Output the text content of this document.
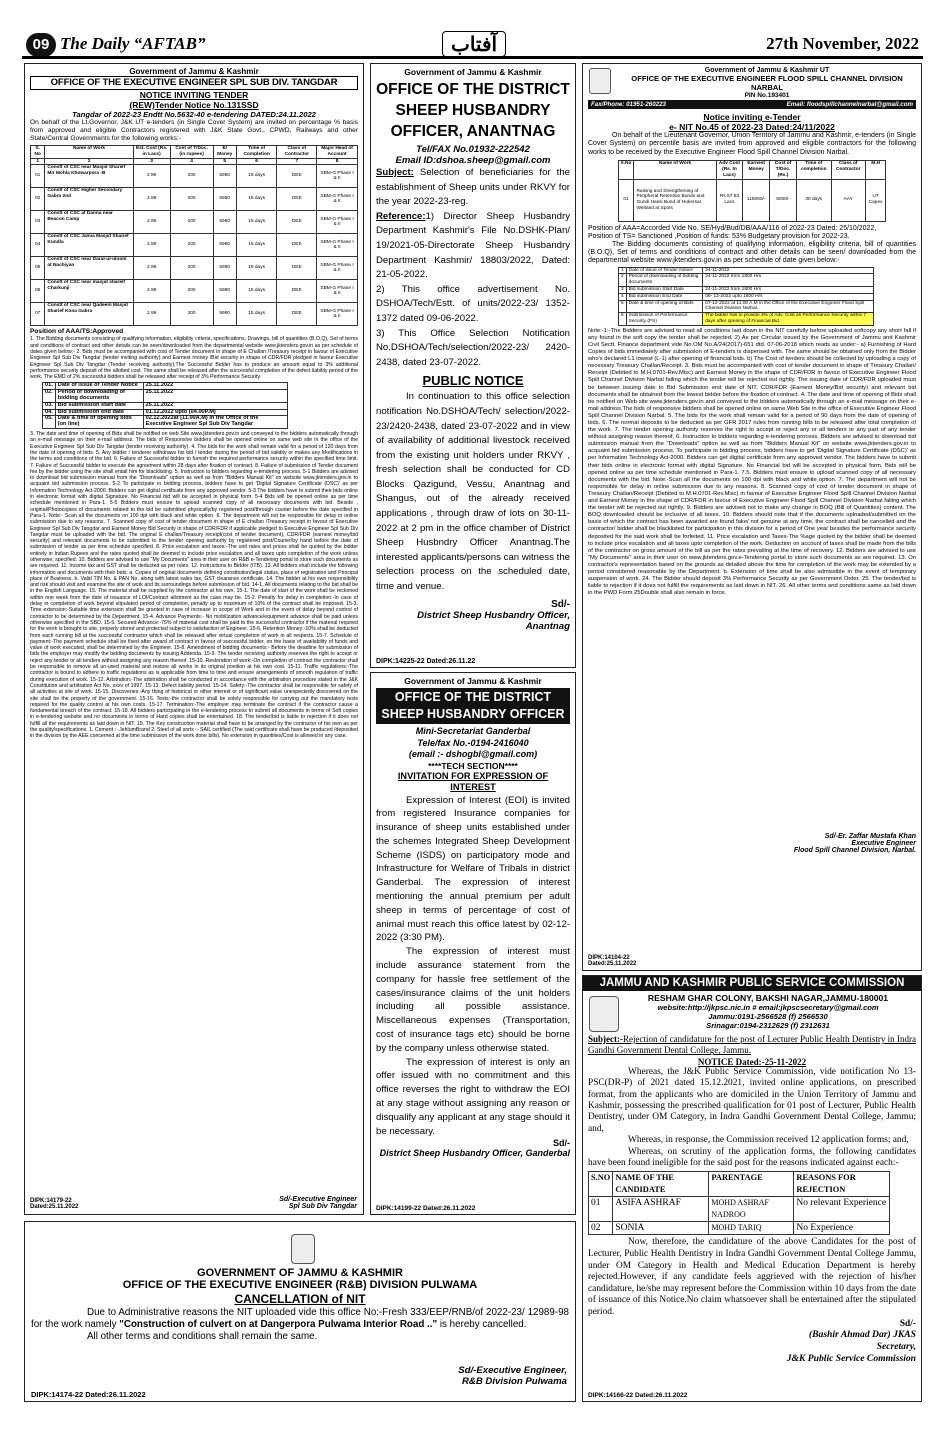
09 The Daily “AFTAB”	آفتاب	27th November, 2022
Government of Jammu & Kashmir
OFFICE OF THE EXECUTIVE ENGINEER SPL SUB DIV. TANGDAR
NOTICE INVITING TENDER
(REW)Tender Notice No.131SSD
Tangdar of 2022-23 Endtt No.5632-40 e-tendering DATED:24.11.2022
On behalf of the Lt.Governor, J&K UT e-tenders (in Single Cover System) are invited on percentage % basis from approved and eligible Contractors registered with J&K State Govt., CPWD, Railways and other State/Central Governments for the following works:-
S. No	Name of Work	Est. Cost (Rs. in Lacs)	Cost of T/Doc. (in rupees)	E/ Money	Time of Completion	Class of Contractor	Major Head of Account
1	2	3	4	5	6	7	8
01	Constt of CSC near Masjid Sharief Mir Mohla Khowarpora -B	2.99	200	5980	15 days	DEE	SBM-G Phase I & II
02	Constt of CSC Higher Secondary Gabra 2nd	2.99	200	5980	15 days	DEE	SBM-G Phase I & II
03	Constt of CSC at Danna near Beacon Camp	2.99	200	5980	15 days	DEE	SBM-G Phase I & II
04	Constt of CSC Jamia Masjid Sharief Kundla	2.99	200	5980	15 days	DEE	SBM-G Phase I & II
05	Constt of CSC near Daral-ul-uloom at Nachiyan	2.99	200	5980	15 days	DEE	SBM-G Phase I & II
06	Constt of CSC near masjid shareif Charkunji	2.99	200	5980	15 days	DEE	SBM-G Phase I & II
07	Constt of CSC near Qadeem Masjid Sharief Kona Gabra	2.99	200	5980	15 days	DEE	SBM-G Phase I & II
Position of AAA/TS:Approved
1. The Bidding documents consisting of qualifying information, eligibility criteria, specifications, Drawings, bill of quantities (B.O.Q), Set of terms and conditions of contract and other details can be seen/downloaded from the departmental website www.jktenders.gov.in as per schedule of dates given below:- 2. Bids must be accompanied with cost of Tender document in shape of E Challan /Treasury receipt in favour of Executive Engineer Spl Sub Div Tangdar (tender inviting authority) and Earnest money /Bid security in shape of CDR/FDR pledged in favour Executive Engineer Spl Sub Div Tangdar (Tender receiving authority).The Successful Bidder has to produce an amount equal to 3% additional performance security deposit of the allotted cost. The same shall be released after the successful completion of the defect liability period of the work. The EMD of 2% successful bidders shall be released after receipt of 3% Performance Security.
01.	Date of issue of Tender Notice	25.11.2022
02.	Period of downloading of bidding documents	25.11.2022
03.	Bid submission start date	25.11.2022
04.	Bid submission end date	01.12.2022 upto (04.00P.M)
05.	Date & time of opening bids (on line)	02.12.2022at (11.00A.M) in the Office of the Executive Engineer Spl Sub Div Tangdar
3. The date and time of opening of Bids shall be notified on web Site www.jktenders.gov.in and conveyed to the bidders automatically through an e-mail message on their e-mail address. The bids of Responsive bidders shall be opened online on same web site in the office of the Executive Engineer Spl Sub Div Tangdar (tender receiving authority). 4. The bids for the work shall remain valid for a period of 120 days from the date of opening of bids. 5. Any bidder / tenderer withdraws his bid / tender during the period of bid validity or makes any Modifications in the terms and conditions of the bid. 6. Failure of Successful bidder to furnish the required performance security within the specified time limit. 7. Failure of Successful bidder to execute the agreement within 28 days after fixation of contract. 8. Failure of submission of Tender document fee by the bidder using the site shall entail him for blacklisting. 5. Instruction to bidders regarding e-tendering process. 5-1 Bidders are advised to download bid submission manual from the "Downloads" option as well as from "Bidders Manual Kit" on website www.jktenders.gov.in to acquaint bid submission process. 5-2 To participate in bidding process, bidders have to get 'Digital Signature Certificate (DSC)' as per Information Technology Act-2000. Bidders can get digital certificate from any approved vendor. 5-3 The bidders have to submit their bids online in electronic format with digital Signature. No Financial bid will be accepted in physical form. 5-4 Bids will be opened online as per time schedule mentioned in Para-1. 5-5 Bidders must ensure to upload scanned copy of all necessary documents with bid. Beside , original/Photocopies of documents related to the bid be submitted physically/by registered post/through courier before the date specified in Para-1. Note:- Scan all the documents on 100 dpi with black and white option. 6. The department will not be responsible for delay in online submission due to any reasons. 7. Scanned copy of cost of tender document in shape of E challan /Treasury receipt in favour of Executive Engineer Spl Sub Div Tangdar and Earnest Money Bid Security in shape of CDR/FDR if applicable pledged to Executive Engineer Spl Sub Div Tangdar must be uploaded with the bid. The original E challan/Treasury receipt(cost of tender document), CDR/FDR (earnest money/bid security) and relevant documents to be submitted to the tender opening authority by registered post/Courier/by hand before the date of submission of tender as per time schedule specified. 8. Price escalation and taxes:-The unit rates and prices shall be quoted by the bidder entirely in Indian Rupees and the rates quoted shall be deemed to include price escalation and all taxes upto completion of the work unless otherwise, specified. 10. Bidders are advised to use "My Documents" area in their user on R&B e-Tendering portal to store such documents as are required. 11. Income tax and GST shall be deducted as per rules. 12. Instructions to Bidder (ITB). 13. All bidders shall include the following information and documents with their bids: a. Copies of original documents defining constitution/legal status, place of registration and Principal place of Business. b. Valid TIN No. & PAN No. along with latest sales tax, GST clearance certificate. 14. The bidder at his own responsibility and risk should visit and examine the site of work and its surroundings before submission of bid. 14-1. All documents relating to the bid shall be in the English Language. 15. The material shall be supplied by the contractor at his own. 15-1. The date of start of the work shall be reckoned within one week from the date of issuance of LOI/Contract allotment as the case may be. 15-2. Penalty for delay in completion:-In case of delay in completion of work beyond stipulated period of completion, penalty up to maximum of 10% of the contract shall be imposed. 15-3. Time extension:-Suitable time extension shall be granted in case of increase in scope of Work and in the event of delay beyond control of contractor to be determined by the Department. 15-4. Advance Payments:- No mobilization advance/equipment advance shall be paid unless otherwise specified in the SBD. 15-5. Secured Advance:-75% of material cost shall be paid to the successful contractor if the material required for the work is brought to site, properly stored and protected subject to satisfaction of Engineer. 15-6. Retention Money:-10% shall be deducted from each running bill at the successful contractor which shall be released after virtual completion of work in all respects. 15-7. Schedule of payment:-The payment schedule shall be fixed after award of contract in favour of successful bidder, on the basis of availability of funds and value of work executed, shall be determined by the Engineer. 15-8. Amendment of bidding documents:- Before the deadline for submission of bids the employer may modify the bidding documents by issuing Addenda. 15-9. The tender receiving authority reserves the right to accept or reject any tender or all tenders without assigning any reason thereof. 15-10. Restoration of work:-On completion of contract the contractor shall be responsible to remove all un-used material and restore all works in its original position at his own cost. 15-11. Traffic regulations:-The contractor is bound to adhere to traffic regulations as is applicable from time to time and ensure arrangements of smooth regulation of traffic during execution of work. 15-12. Arbitration:-The arbitration shall be conducted in accordance with the arbitration procedure stated in the J&K Constitution and arbitration Act No. xxxv of 1997. 15-13. Defect liability period. 15-14. Safety:-The contractor shall be responsible for safety of all activities at site of work. 15-15. Discoveries:-Any thing of historical or other interest or of significant value unexpectedly discovered on the site shall be the property of the government. 15-16. Tests:-the contractor shall be solely responsible for carrying out the mandatory tests required for the quality control at his own costs. 15-17. Termination:-The employer may terminate the contract if the contractor cause a fundamental breach of the contract. 15-18. All bidders participating in the e-tendering process to submit all documents in terms of Soft copies in e-tendering website and no documents in terms of Hard copies shall be entertained. 18. The tender/bid is liable to rejection if it does not fulfill all the requirements as laid down in NIT. 19. The Key construction material shall have to be arranged by the contractor of his own as per the quality/specifications. 1. Cement :- JehlumBrand 2. Steel of all sorts :- SAIL certified (The said certificate shall have be produced /deposited in the division by the AEE concerned at the time submission of the work done bills). No extension in quantities/Cost is allowed in any case.
DIPK:14179-22
Dated:25.11.2022
Sd/-Executive Engineer
Spl Sub Div Tangdar
Government of Jammu & Kashmir
OFFICE OF THE DISTRICT SHEEP HUSBANDRY OFFICER, ANANTNAG
Tel/FAX No.01932-222542
Email ID:dshoa.sheep@gmail.com
Subject: Selection of beneficiaries for the establishment of Sheep units under RKVY for the year 2022-23-reg.
Reference:1) Director Sheep Husbandry Department Kashmir's File No.DSHK-Plan/ 19/2021-05-Directorate Sheep Husbandry Department Kashmir/ 18803/2022, Dated: 21-05-2022.
2) This office advertisement No. DSHOA/Tech/Estt. of units/2022-23/ 1352-1372 dated 09-06-2022.
3) This Office Selection Notification No.DSHOA/Tech/selection/2022-23/ 2420-2438, dated 23-07-2022.
PUBLIC NOTICE
In continuation to this office selection notification No.DSHOA/Tech/ selection/2022-23/2420-2438, dated 23-07-2022 and in view of availability of additional livestock received from the existing unit holders under RKVY , fresh selection shall be conducted for CD Blocks Qazigund, Vessu, Anantnag and Shangus, out of the already received applications , through draw of lots on 30-11-2022 at 2 pm in the office chamber of District Sheep Husbndry Officer Anantnag.The interested applicants/persons can witness the selection process on the scheduled date, time and venue.
Sd/-
District Sheep Husbandry Officer,
Anantnag
DIPK:14225-22 Dated:26.11.22
Government of Jammu & Kashmir
OFFICE OF THE DISTRICT SHEEP HUSBANDRY OFFICER
Mini-Secretariat Ganderbal
Tele/fax No.-0194-2416040
(email :- dshogbl@gmail.com)
****TECH SECTION****
INVITATION FOR EXPRESSION OF INTEREST
Expression of Interest (EOI) is invited from registered Insurance companies for insurance of sheep units established under the schemes Integrated Sheep Development Scheme (ISDS) on participatory mode and Infrastructure for Welfare of Tribals in district Ganderbal. The expression of interest mentioning the annual premium per adult sheep in terms of percentage of cost of animal must reach this office latest by 02-12-2022 (3:30 PM).
The expression of interest must include assurance statement from the company for hassle free settlement of the cases/insurance claims of the unit holders including all possible assistance. Miscellaneous expenses (Transportation, cost of insurance tags etc) should be borne by the company unless otherwise stated.
The expression of interest is only an offer issued with no commitment and this office reverses the right to withdraw the EOI at any stage without assigning any reason or disqualify any applicant at any stage should it be necessary.
Sd/-
District Sheep Husbandry Officer, Ganderbal
DIPK:14199-22 Dated:26.11.2022
Government of Jammu & Kashmir UT
OFFICE OF THE EXECUTIVE ENGINEER FLOOD SPILL CHANNEL DIVISION NARBAL
PIN No.193401
Fax/Phone: 01951-260223	Email: floodspillchannelnarbal@gmail.com
Notice inviting e-Tender
e- NIT No.45 of 2022-23 Dated:24/11/2022
On behalf of the Lieutenant Governor, Union Territory of Jammu and Kashmir, e-tenders (in Single Cover System) on percentile basis are invited from approved and eligible contractors for the following works to be received by the Executive Engineer Flood Spill Channel Division Narbal.
S.No	Name of Work	Adv Cost (Rs. In Lacs)	Earnest Money	Cost of T/Doc. (Rs.)	Time of completion	Class of Contractor	M.H
01	Raising and Strengthening of Peripheral Retention Bunds and Gundi Hassi Bund of Hokersar Wetland at Spots	Rs 57.53 Lacs	115060/-	5000/-	30 days	AAY	UT Capex
Position of AAA=Accorded Vide No. SE/Hyd/Bud/DB/AAA/116 of 2022-23 Dated: 25/10/2022,
Position of TS= Sanctioned ,Position of funds: 53% Budgetary provision for 2022-23.
The Bidding documents consisting of qualifying information, eligibility criteria, bill of quantities (B.O.Q), Set of terms and conditions of contract and other details can be seen/ downloaded from the departmental website www.jktenders.gov.in as per schedule of date given below:-
1	Date of issue of Tender Notice	24-11-2022
2	Period of downloading of bidding documents	24-11-2022 from 1800 Hrs
3	Bid submission Start Date	24-11-2022 from 1800 Hrs
4	Bid submission End Date	06- 12-2022 upto 1600 Hrs
5	Date & time of opening of Bids	07-12-2022 at 11:00 A.M in the Office of the Executive Engineer Flood Spill Channel Division Narbal.
6	Submission of Performance Security (PS)	The bidder has to provide 3% of Adv. Cost as Performance Security within 7 days after opening of Financial Bid.
Note:-1:-The Bidders are advised to read all conditions laid down in the NIT carefully before uploaded softcopy any short fall if any found in the soft copy the tender shall be rejected. 2) As per Circular issued by the Government of Jammu and Kashmir Civil Sectt. Finance department vide No.OM No.A/24(2017)-651 dtd. 07-06-2018 which reads as under:- a) Furnishing of Hard Copies of bids immediately after submission of E-tenders is dispensed with. The same should be obtained only from the Bidder who's declared L1 lowest (L-1) after opening of financial bids. b) The Cost of tenders should be collected by uploading a copy of necessary Treasury Challan/Receipt. 3. Bids must be accompanied with cost of tender document in shape of Treasury Challan/ Receipt (Debited to M.H.0701-Rev.Misc) and Earnest Money in the shape of CDR/FDR in favour of Executive Engineer Flood Spill Channel Division Narbal failing which the tender will be rejected out rightly. The issuing date of CDR/FDR uploaded must be between issuing date to Bid Submission end date of NIT. CDR/FDR (Earnest Money/Bid security) and relevant bid documents shall be obtained from the lowest bidder before the fixation of contract. 4. The date and time of opening of Bids shall be notified on Web site www.jktenders.gov.in and conveyed to the bidders automatically through an e-mail message on their e-mail address.The bids of responsive bidders shall be opened online on same Web Site in the office of Executive Engineer Flood Spill Channel Division Narbal. 5. The bids for the work shall remain valid for a period of 90 days from the date of opening of bids. 6. The normal deposits to be deducted as per GFR 2017 rules from running bills to be released after total completion of the work. 7. The tender opening authority reserves the right to accept or reject any or all tenders or any part of any tender without assigning reason thereof. 6. Instruction to bidders regarding e-tendering process. Bidders are advised to download bid submission manual from the "Downloads" option as well as from "Bidders Manual Kit" on website www.jktenders.gov.in to acquaint bid submission process. To participate in bidding process, bidders have to get 'Digital Signature Certificate (DSC)' as per Information Technology Act-2000. Bidders can get digital certificate from any approved vendor. The bidders have to submit their bids online in electronic format with digital Signature. No Financial bid will be accepted in physical form. Bids will be opened online as per time schedule mentioned in Para-1. 7.5. Bidders must ensure to upload scanned copy of all necessary documents with the bid. Note:-Scan all the documents on 100 dpi with black and white option. 7. The department will not be responsible for delay in online submission due to any reasons. 8. Scanned copy of cost of tender document in shape of Treasury Challan/Receipt (Debited to M.H.0701-Rev.Misc) in favour of Executive Engineer Flood Spill Channel Division Narbal and Earnest Money in the shape of CDR/FDR in favour of Executive Engineer Flood Spill Channel Division Narbal failing which the tender will be rejected out rightly. 9. Bidders are advised not to make any change in BOQ (Bill of Quantities) content. The BOQ downloaded should be inclusive of all taxes. 10. Bidders should note that if the documents uploaded/submitted on the basis of which the contract has been awarded are found fake/ not genuine at any time, the contract shall be cancelled and the contractor/ bidder shall be blacklisted for participation in this division for a period of One year besides the performance security deposited for the said work shall be forfeited. 11. Price escalation and Taxes-The %age quoted by the bidder shall be deemed to include price escalation and all taxes upto completion of the work. Deduction on account of taxes shall be made from the bills of the contractor on gross amount of the bill as per the rates prevailing at the time of recovery. 12. Bidders are advised to use "My Documents" area in their user on www.jktenders.gov.e-Tendering portal to store such documents as are required. 13. On contractor's representation based on the grounds as detailed above the time for completion of the work may be extended by a period considered reasonable by the Department. b. Extension of time shall be also admissible in the event of temporary suspension of work. 24. The Bidder should deposit 3% Performance Security as per Government Order. 25. The tender/bid is liable to rejection if it does not fulfill the requirements as laid down in NIT. 26. All other terms and conditions same as laid down in the PWD Form 25Double shall also remain in force.
Sd/-Er. Zaffar Mustafa Khan
Executive Engineer
Flood Spill Channel Division, Narbal.
DIPK:14104-22
Dated:25.11.2022
JAMMU AND KASHMIR PUBLIC SERVICE COMMISSION
RESHAM GHAR COLONY, BAKSHI NAGAR,JAMMU-180001
website:http://jkpsc.nic.in # email:jkpscsecretary@gmail.com
Jammu:0191-2566528 (f) 2566530
Srinagar:0194-2312629 (f) 2312631
Subject:-Rejection of candidature for the post of Lecturer Public Health Dentistry in Indra Gandhi Government Dental College, Jammu.
NOTICE Dated:-25-11-2022
Whereas, the J&K Public Service Commission, vide notification No 13-PSC(DR-P) of 2021 dated 15.12.2021, invited online applications, on prescribed format, from the applicants who are domiciled in the Union Territory of Jammu and Kashmir, possessing the prescribed qualification for 01 post of Lecturer, Public Health Dentistry, under OM Category, in Indra Gandhi Government Dental College, Jammu; and,
Whereas, in response, the Commission received 12 application forms; and,
Whereas, on scrutiny of the application forms, the following candidates have been found ineligible for the said post for the reasons indicated against each:-
S.NO	NAME OF THE CANDIDATE	PARENTAGE	REASONS FOR REJECTION
01	ASIFA ASHRAF	MOHD ASHRAF NADROO	No relevant Experience
02	SONIA	MOHD TARIQ	No Experience
Now, therefore, the candidature of the above Candidates for the post of Lecturer, Public Health Dentistry in Indra Gandhi Government Dental College Jammu, under OM Category in Health and Medical Education Department is hereby rejected.However, if any candidate feels aggrieved with the rejection of his/her candidature, he/she may represent before the Commission within 10 days from the date of issuance of this Notice.No claim whatsoever shall be entertained after the stipulated period.
Sd/-
(Bashir Ahmad Dar) JKAS
Secretary,
J&K Public Service Commission
DIPK:14166-22 Dated:26.11.2022
GOVERNMENT OF JAMMU & KASHMIR
OFFICE OF THE EXECUTIVE ENGINEER (R&B) DIVISION PULWAMA
CANCELLATION of NIT
Due to Administrative reasons the NIT uploaded vide this office No:-Fresh 333/EEP/RNB/of 2022-23/ 12989-98 for the work namely "Construction of culvert on at Dangerpora Pulwama Interior Road .." is hereby cancelled.
All other terms and conditions shall remain the same.
Sd/-Executive Engineer,
R&B Division Pulwama
DIPK:14174-22 Dated:26.11.2022
